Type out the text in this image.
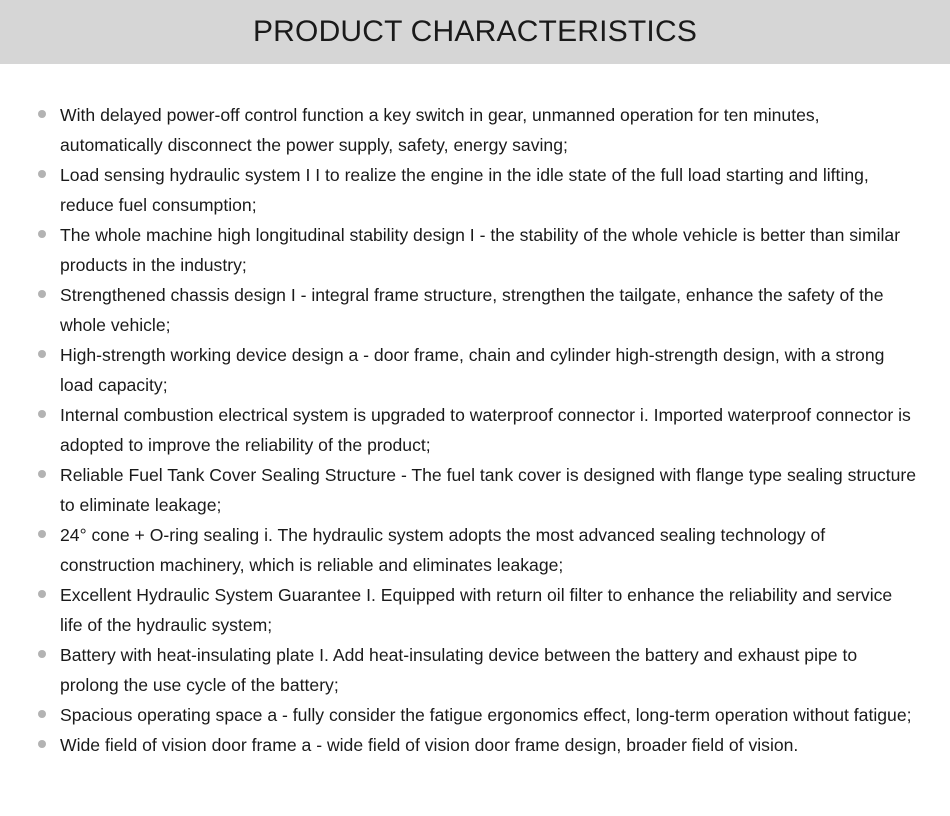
PRODUCT CHARACTERISTICS
With delayed power-off control function a key switch in gear, unmanned operation for ten minutes, automatically disconnect the power supply, safety, energy saving;
Load sensing hydraulic system I I to realize the engine in the idle state of the full load starting and lifting, reduce fuel consumption;
The whole machine high longitudinal stability design I - the stability of the whole vehicle is better than similar products in the industry;
Strengthened chassis design I - integral frame structure, strengthen the tailgate, enhance the safety of the whole vehicle;
High-strength working device design a - door frame, chain and cylinder high-strength design, with a strong load capacity;
Internal combustion electrical system is upgraded to waterproof connector i. Imported waterproof connector is adopted to improve the reliability of the product;
Reliable Fuel Tank Cover Sealing Structure - The fuel tank cover is designed with flange type sealing structure to eliminate leakage;
24° cone + O-ring sealing i. The hydraulic system adopts the most advanced sealing technology of construction machinery, which is reliable and eliminates leakage;
Excellent Hydraulic System Guarantee I. Equipped with return oil filter to enhance the reliability and service life of the hydraulic system;
Battery with heat-insulating plate I. Add heat-insulating device between the battery and exhaust pipe to prolong the use cycle of the battery;
Spacious operating space a - fully consider the fatigue ergonomics effect, long-term operation without fatigue;
Wide field of vision door frame a - wide field of vision door frame design, broader field of vision.
